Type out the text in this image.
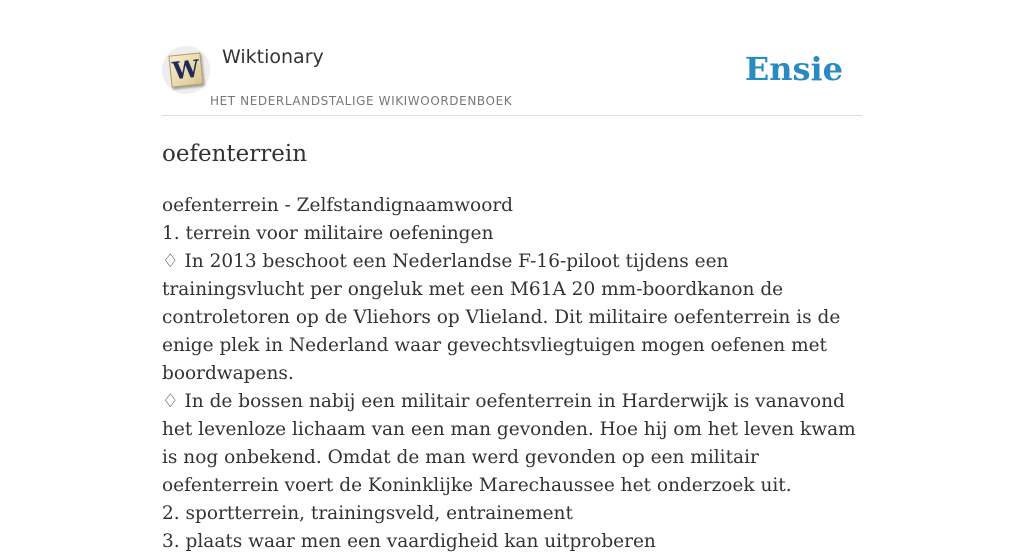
W Wiktionary
HET NEDERLANDSTALIGE WIKIWOORDENBOEK
Ensie
oefenterrein

oefenterrein - Zelfstandignaamwoord

1. terrein voor militaire oefeningen

♢ In 2013 beschoot een Nederlandse F-16-piloot tijdens een trainingsvlucht per ongeluk met een M61A 20 mm-boordkanon de controletoren op de Vliehors op Vlieland. Dit militaire oefenterrein is de enige plek in Nederland waar gevechtsvliegtuigen mogen oefenen met boordwapens.

♢ In de bossen nabij een militair oefenterrein in Harderwijk is vanavond het levenloze lichaam van een man gevonden. Hoe hij om het leven kwam is nog onbekend. Omdat de man werd gevonden op een militair oefenterrein voert de Koninklijke Marechaussee het onderzoek uit.

2. sportterrein, trainingsveld, entrainement

3. plaats waar men een vaardigheid kan uitproberen
